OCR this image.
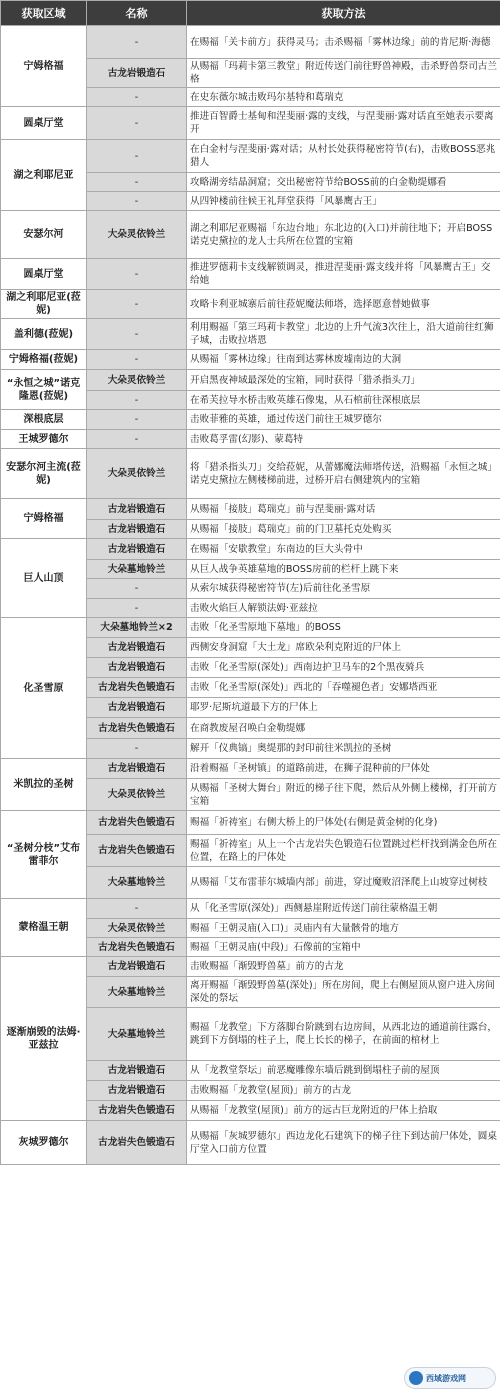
获取区域	名称	获取方法
宁姆格福	-	在赐福「关卡前方」获得灵马；击杀赐福「雾林边缘」前的肯尼斯·海德
	古龙岩锻造石	从赐福「玛莉卡第三教堂」附近传送门前往野兽神殿，击杀野兽祭司古兰格
	-	在史东薇尔城击败玛尔基特和葛瑞克
圆桌厅堂	-	推进百智爵士基甸和涅斐丽·露的支线，与涅斐丽·露对话直至她表示要离开
湖之利耶尼亚	-	在白金村与涅斐丽·露对话；从村长处获得秘密符节(右)，击败BOSS恶兆猎人
	-	攻略湖旁结晶洞窟；交出秘密符节给BOSS前的白金勒缇娜看
	-	从四钟楼前往候王礼拜堂获得「风暴鹰古王」
安瑟尔河	大朵灵依铃兰	湖之利耶尼亚赐福「东边台地」东北边的(入口)并前往地下；开启BOSS诺克史黛拉的龙人士兵所在位置的宝箱
圆桌厅堂	-	推进罗德莉卡支线解锁调灵，推进涅斐丽·露支线并将「风暴鹰古王」交给她
湖之利耶尼亚(菈妮)	-	攻略卡利亚城寨后前往菈妮魔法师塔，选择愿意替她做事
盖利德(菈妮)	-	利用赐福「第三玛莉卡教堂」北边的上升气流3次往上，沿大道前往红狮子城，击败拉塔恩
宁姆格福(菈妮)	-	从赐福「雾林边缘」往南到达雾林废墟南边的大洞
“永恒之城”诺克隆恩(菈妮)	大朵灵依铃兰	开启黑夜神域最深处的宝箱，同时获得「猎杀指头刀」
	-	在希芙拉导水桥击败英雄石像鬼，从石棺前往深根底层
深根底层	-	击败菲雅的英雄，通过传送门前往王城罗德尔
王城罗德尔	-	击败葛孚雷(幻影)、蒙葛特
安瑟尔河主流(菈妮)	大朵灵依铃兰	将「猎杀指头刀」交给菈妮，从蕾娜魔法师塔传送，沿赐福「永恒之城」诺克史黛拉左侧楼梯前进，过桥开启右侧建筑内的宝箱
宁姆格福	古龙岩锻造石	从赐福「接肢」葛瑞克」前与涅斐丽·露对话
	古龙岩锻造石	从赐福「接肢」葛瑞克」前的门卫墓托克处购买
巨人山顶	古龙岩锻造石	在赐福「安歇教堂」东南边的巨大头骨中
	大朵墓地铃兰	从巨人战争英雄墓地的BOSS房前的栏杆上跳下来
	-	从索尔城获得秘密符节(左)后前往化圣雪原
	-	击败火焰巨人解锁法姆·亚兹拉
化圣雪原	大朵墓地铃兰×2	击败「化圣雪原地下墓地」的BOSS
	古龙岩锻造石	西侧安身洞窟「大土龙」席欧朵利克附近的尸体上
	古龙岩锻造石	击败「化圣雪原(深处)」西南边护卫马车的2个黑夜骑兵
	古龙岩失色锻造石	击败「化圣雪原(深处)」西北的「吞噬褪色者」安娜塔西亚
	古龙岩锻造石	耶罗·尼斯坑道最下方的尸体上
	古龙岩失色锻造石	在商教废屋召唤白金勒缇娜
	-	解开「仪典镐」奥缇那的封印前往米凯拉的圣树
米凯拉的圣树	古龙岩锻造石	沿着赐福「圣树镇」的道路前进，在狮子混种前的尸体处
	大朵灵依铃兰	从赐福「圣树大舞台」附近的梯子往下爬，然后从外侧上楼梯，打开前方宝箱
“圣树分枝”艾布雷菲尔	古龙岩失色锻造石	赐福「祈祷室」右侧大桥上的尸体处(右侧是黄金树的化身)
	古龙岩失色锻造石	赐福「祈祷室」从上一个古龙岩失色锻造石位置跳过栏杆找到满金色所在位置，在路上的尸体处
	大朵墓地铃兰	从赐福「艾布雷菲尔城墙内部」前进，穿过魔败沼泽爬上山坡穿过树枝
蒙格温王朝	-	从「化圣雪原(深处)」西侧悬崖附近传送门前往蒙格温王朝
	大朵灵依铃兰	赐福「王朝灵庙(入口)」灵庙内有大量骸骨的地方
	古龙岩失色锻造石	赐福「王朝灵庙(中段)」石像前的宝箱中
逐渐崩毁的法姆·亚兹拉	古龙岩锻造石	击败赐福「渐毁野兽墓」前方的古龙
	大朵墓地铃兰	离开赐福「渐毁野兽墓(深处)」所在房间，爬上右侧屋顶从窗户进入房间深处的祭坛
	大朵墓地铃兰	赐福「龙教堂」下方落脚台阶跳到右边房间，从西北边的通道前往露台，跳到下方倒塌的柱子上，爬上长长的梯子，在前面的棺材上
	古龙岩锻造石	从「龙教堂祭坛」前恶魔雕像东墙后跳到倒塌柱子前的屋顶
	古龙岩锻造石	击败赐福「龙教堂(屋顶)」前方的古龙
	古龙岩失色锻造石	从赐福「龙教堂(屋顶)」前方的远古巨龙附近的尸体上拾取
灰城罗德尔	古龙岩失色锻造石	从赐福「灰城罗德尔」西边龙化石建筑下的梯子往下到达前尸体处，圆桌厅堂入口前方位置
西域游戏网
